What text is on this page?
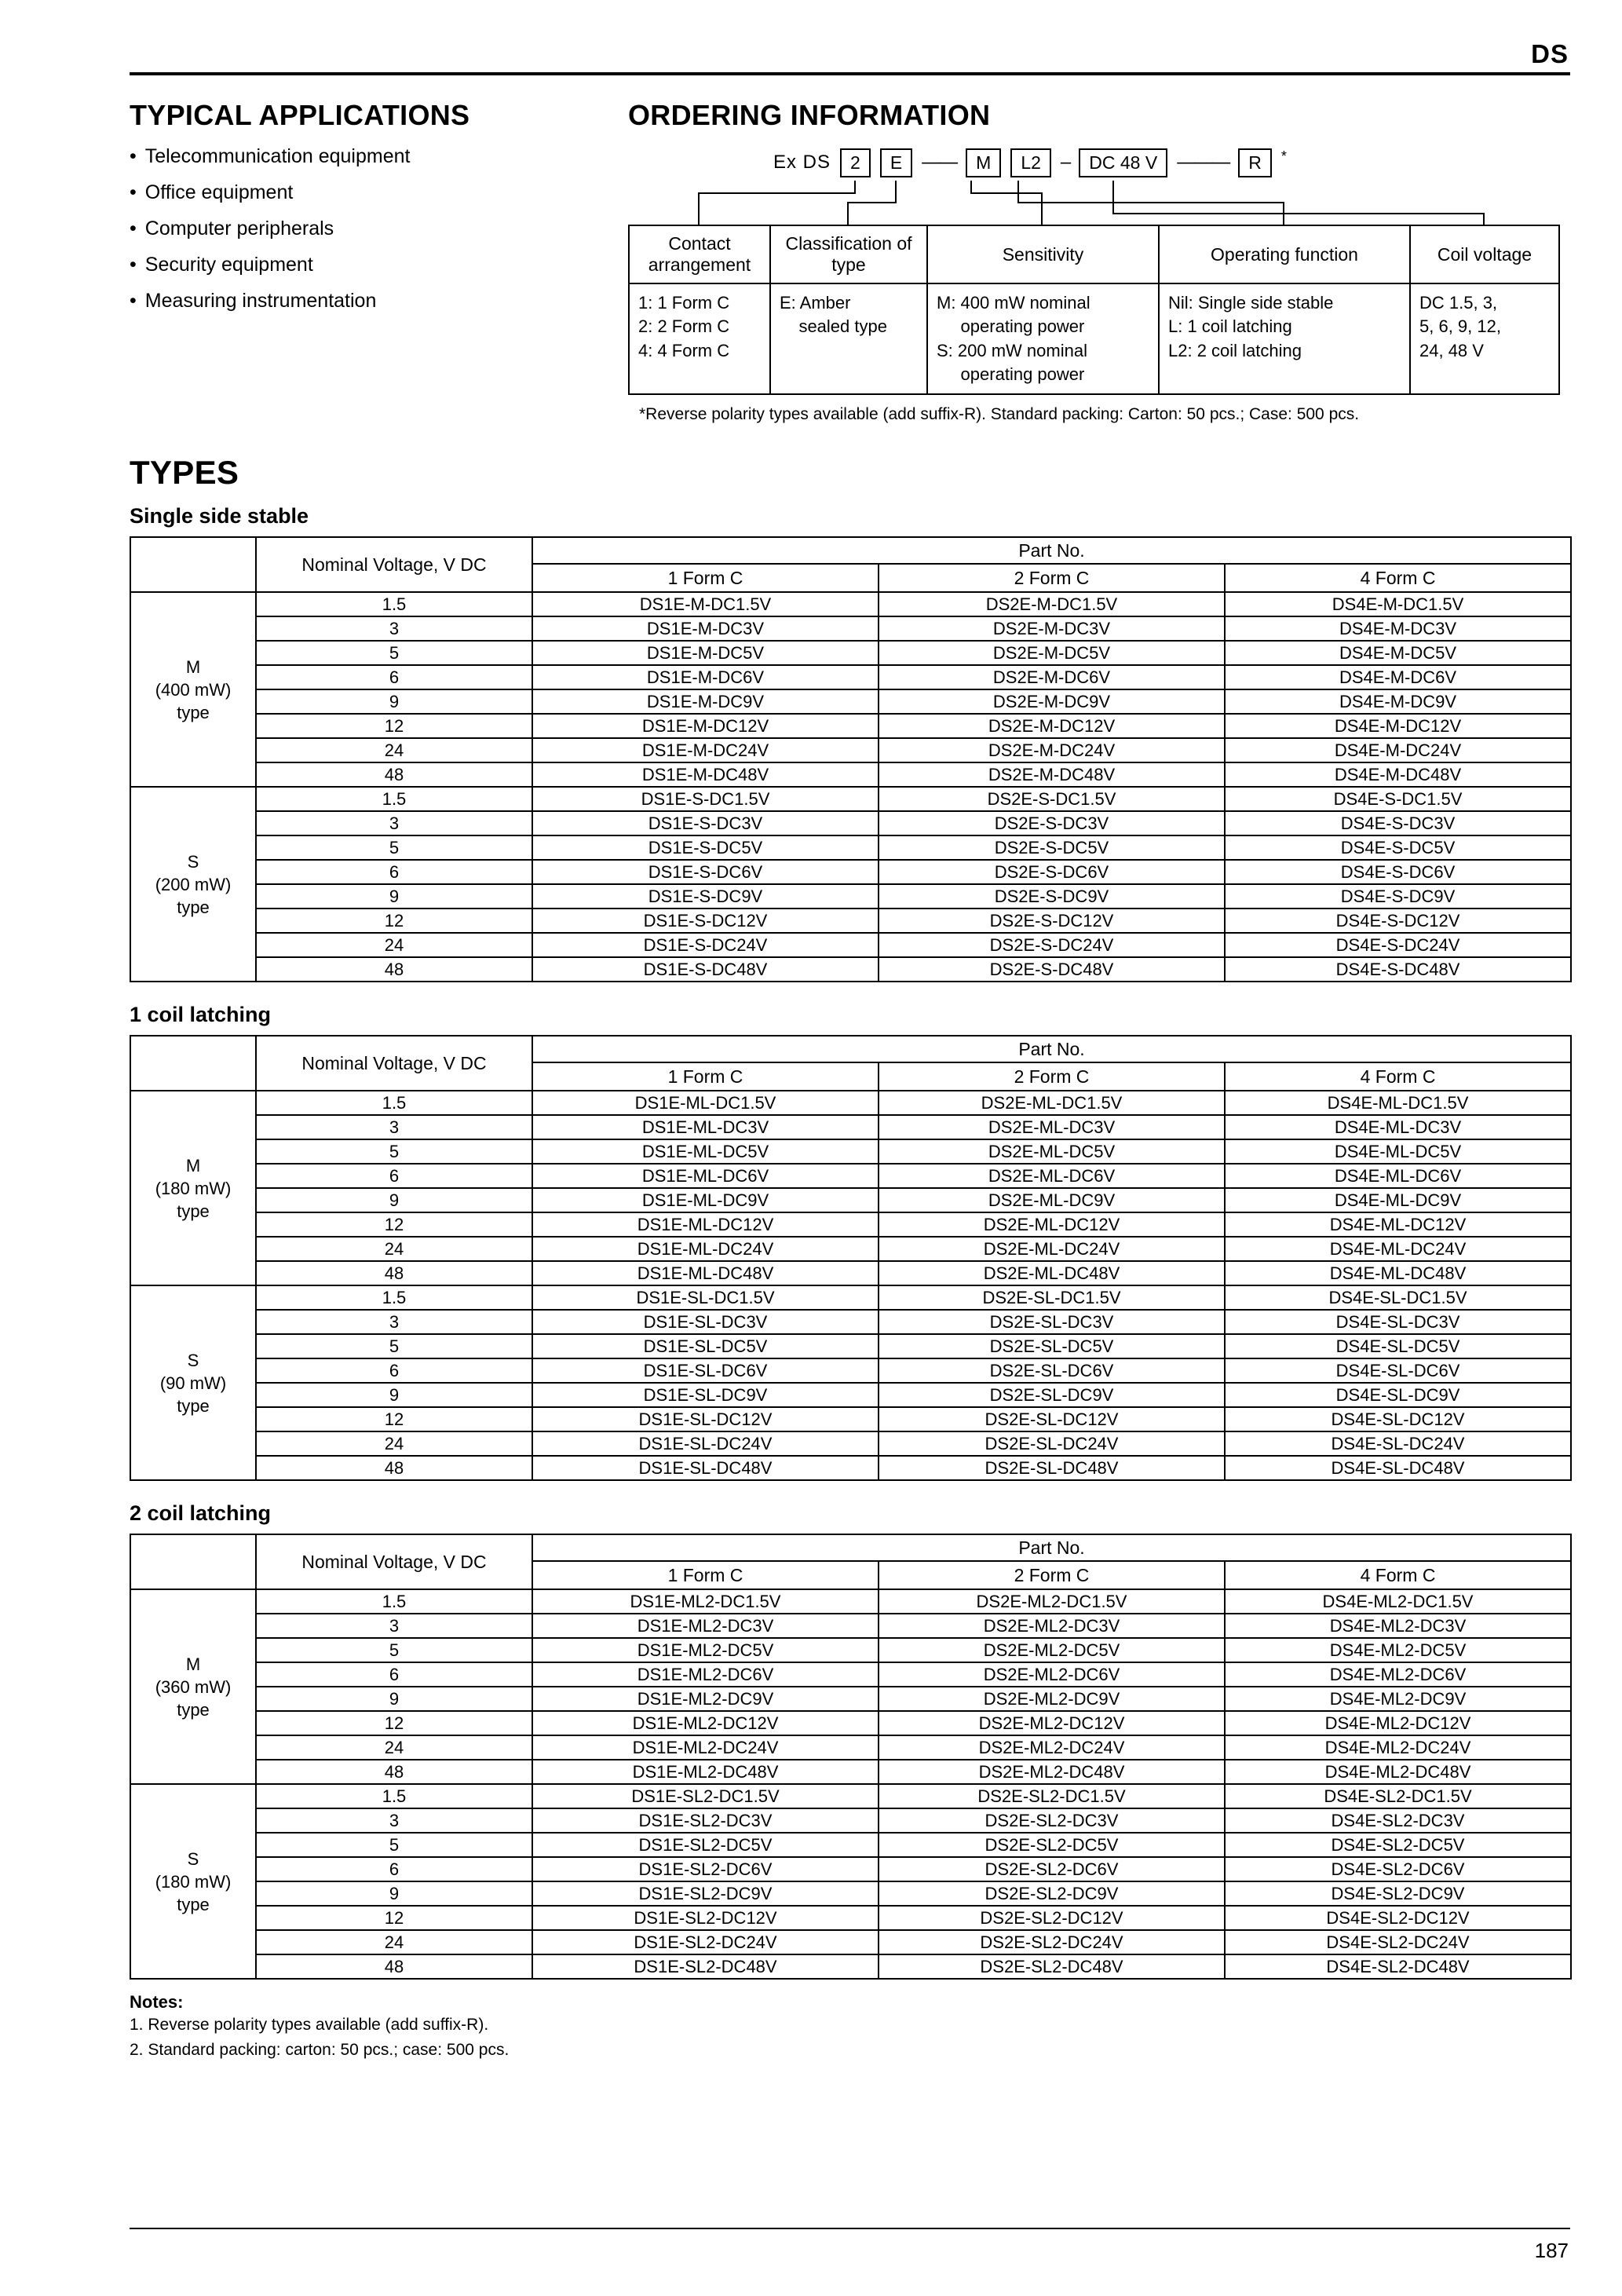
DS
TYPICAL APPLICATIONS
• Telecommunication equipment
• Office equipment
• Computer peripherals
• Security equipment
• Measuring instrumentation
ORDERING INFORMATION
Ex DS	2	E	——	M	L2	–	DC 48 V	———	R	*
Contact arrangement	Classification of type	Sensitivity	Operating function	Coil voltage

1: 1 Form C
2: 2 Form C
4: 4 Form C

E: Amber
sealed type

M: 400 mW nominal
operating power
S: 200 mW nominal
operating power

Nil: Single side stable
L: 1 coil latching
L2: 2 coil latching

DC 1.5, 3,
5, 6, 9, 12,
24, 48 V
*Reverse polarity types available (add suffix-R). Standard packing: Carton: 50 pcs.; Case: 500 pcs.
TYPES
Single side stable
	Nominal Voltage, V DC	Part No.		
		1 Form C	2 Form C	4 Form C

M
(400 mW)
type	1.5	DS1E-M-DC1.5V	DS2E-M-DC1.5V	DS4E-M-DC1.5V
	3	DS1E-M-DC3V	DS2E-M-DC3V	DS4E-M-DC3V
	5	DS1E-M-DC5V	DS2E-M-DC5V	DS4E-M-DC5V
	6	DS1E-M-DC6V	DS2E-M-DC6V	DS4E-M-DC6V
	9	DS1E-M-DC9V	DS2E-M-DC9V	DS4E-M-DC9V
	12	DS1E-M-DC12V	DS2E-M-DC12V	DS4E-M-DC12V
	24	DS1E-M-DC24V	DS2E-M-DC24V	DS4E-M-DC24V
	48	DS1E-M-DC48V	DS2E-M-DC48V	DS4E-M-DC48V

S
(200 mW)
type	1.5	DS1E-S-DC1.5V	DS2E-S-DC1.5V	DS4E-S-DC1.5V
	3	DS1E-S-DC3V	DS2E-S-DC3V	DS4E-S-DC3V
	5	DS1E-S-DC5V	DS2E-S-DC5V	DS4E-S-DC5V
	6	DS1E-S-DC6V	DS2E-S-DC6V	DS4E-S-DC6V
	9	DS1E-S-DC9V	DS2E-S-DC9V	DS4E-S-DC9V
	12	DS1E-S-DC12V	DS2E-S-DC12V	DS4E-S-DC12V
	24	DS1E-S-DC24V	DS2E-S-DC24V	DS4E-S-DC24V
	48	DS1E-S-DC48V	DS2E-S-DC48V	DS4E-S-DC48V
1 coil latching
	Nominal Voltage, V DC	Part No.		
		1 Form C	2 Form C	4 Form C

M
(180 mW)
type	1.5	DS1E-ML-DC1.5V	DS2E-ML-DC1.5V	DS4E-ML-DC1.5V
	3	DS1E-ML-DC3V	DS2E-ML-DC3V	DS4E-ML-DC3V
	5	DS1E-ML-DC5V	DS2E-ML-DC5V	DS4E-ML-DC5V
	6	DS1E-ML-DC6V	DS2E-ML-DC6V	DS4E-ML-DC6V
	9	DS1E-ML-DC9V	DS2E-ML-DC9V	DS4E-ML-DC9V
	12	DS1E-ML-DC12V	DS2E-ML-DC12V	DS4E-ML-DC12V
	24	DS1E-ML-DC24V	DS2E-ML-DC24V	DS4E-ML-DC24V
	48	DS1E-ML-DC48V	DS2E-ML-DC48V	DS4E-ML-DC48V

S
(90 mW)
type	1.5	DS1E-SL-DC1.5V	DS2E-SL-DC1.5V	DS4E-SL-DC1.5V
	3	DS1E-SL-DC3V	DS2E-SL-DC3V	DS4E-SL-DC3V
	5	DS1E-SL-DC5V	DS2E-SL-DC5V	DS4E-SL-DC5V
	6	DS1E-SL-DC6V	DS2E-SL-DC6V	DS4E-SL-DC6V
	9	DS1E-SL-DC9V	DS2E-SL-DC9V	DS4E-SL-DC9V
	12	DS1E-SL-DC12V	DS2E-SL-DC12V	DS4E-SL-DC12V
	24	DS1E-SL-DC24V	DS2E-SL-DC24V	DS4E-SL-DC24V
	48	DS1E-SL-DC48V	DS2E-SL-DC48V	DS4E-SL-DC48V
2 coil latching
	Nominal Voltage, V DC	Part No.		
		1 Form C	2 Form C	4 Form C

M
(360 mW)
type	1.5	DS1E-ML2-DC1.5V	DS2E-ML2-DC1.5V	DS4E-ML2-DC1.5V
	3	DS1E-ML2-DC3V	DS2E-ML2-DC3V	DS4E-ML2-DC3V
	5	DS1E-ML2-DC5V	DS2E-ML2-DC5V	DS4E-ML2-DC5V
	6	DS1E-ML2-DC6V	DS2E-ML2-DC6V	DS4E-ML2-DC6V
	9	DS1E-ML2-DC9V	DS2E-ML2-DC9V	DS4E-ML2-DC9V
	12	DS1E-ML2-DC12V	DS2E-ML2-DC12V	DS4E-ML2-DC12V
	24	DS1E-ML2-DC24V	DS2E-ML2-DC24V	DS4E-ML2-DC24V
	48	DS1E-ML2-DC48V	DS2E-ML2-DC48V	DS4E-ML2-DC48V

S
(180 mW)
type	1.5	DS1E-SL2-DC1.5V	DS2E-SL2-DC1.5V	DS4E-SL2-DC1.5V
	3	DS1E-SL2-DC3V	DS2E-SL2-DC3V	DS4E-SL2-DC3V
	5	DS1E-SL2-DC5V	DS2E-SL2-DC5V	DS4E-SL2-DC5V
	6	DS1E-SL2-DC6V	DS2E-SL2-DC6V	DS4E-SL2-DC6V
	9	DS1E-SL2-DC9V	DS2E-SL2-DC9V	DS4E-SL2-DC9V
	12	DS1E-SL2-DC12V	DS2E-SL2-DC12V	DS4E-SL2-DC12V
	24	DS1E-SL2-DC24V	DS2E-SL2-DC24V	DS4E-SL2-DC24V
	48	DS1E-SL2-DC48V	DS2E-SL2-DC48V	DS4E-SL2-DC48V
Notes:
1. Reverse polarity types available (add suffix-R).
2. Standard packing: carton: 50 pcs.; case: 500 pcs.
187
